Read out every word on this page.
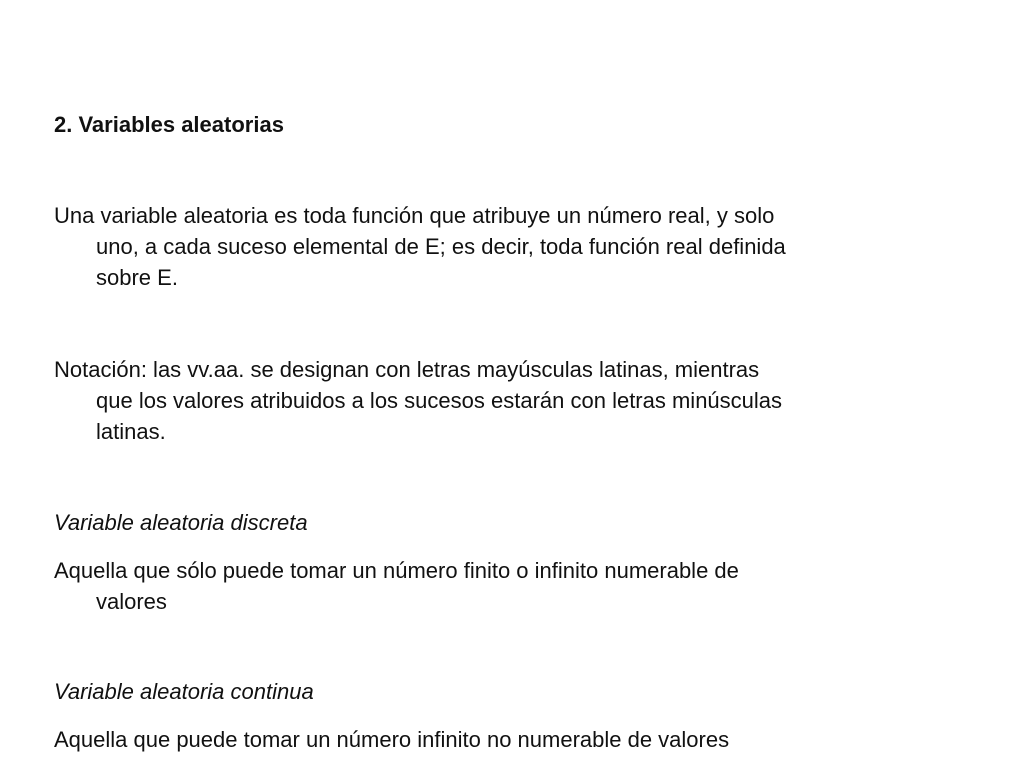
2. Variables aleatorias

Una variable aleatoria es toda función que atribuye un número real, y solo
uno, a cada suceso elemental de E; es decir, toda función real definida
sobre E.

Notación: las vv.aa. se designan con letras mayúsculas latinas, mientras
que los valores atribuidos a los sucesos estarán con letras minúsculas
latinas.

Variable aleatoria discreta

Aquella que sólo puede tomar un número finito o infinito numerable de
valores

Variable aleatoria continua

Aquella que puede tomar un número infinito no numerable de valores
